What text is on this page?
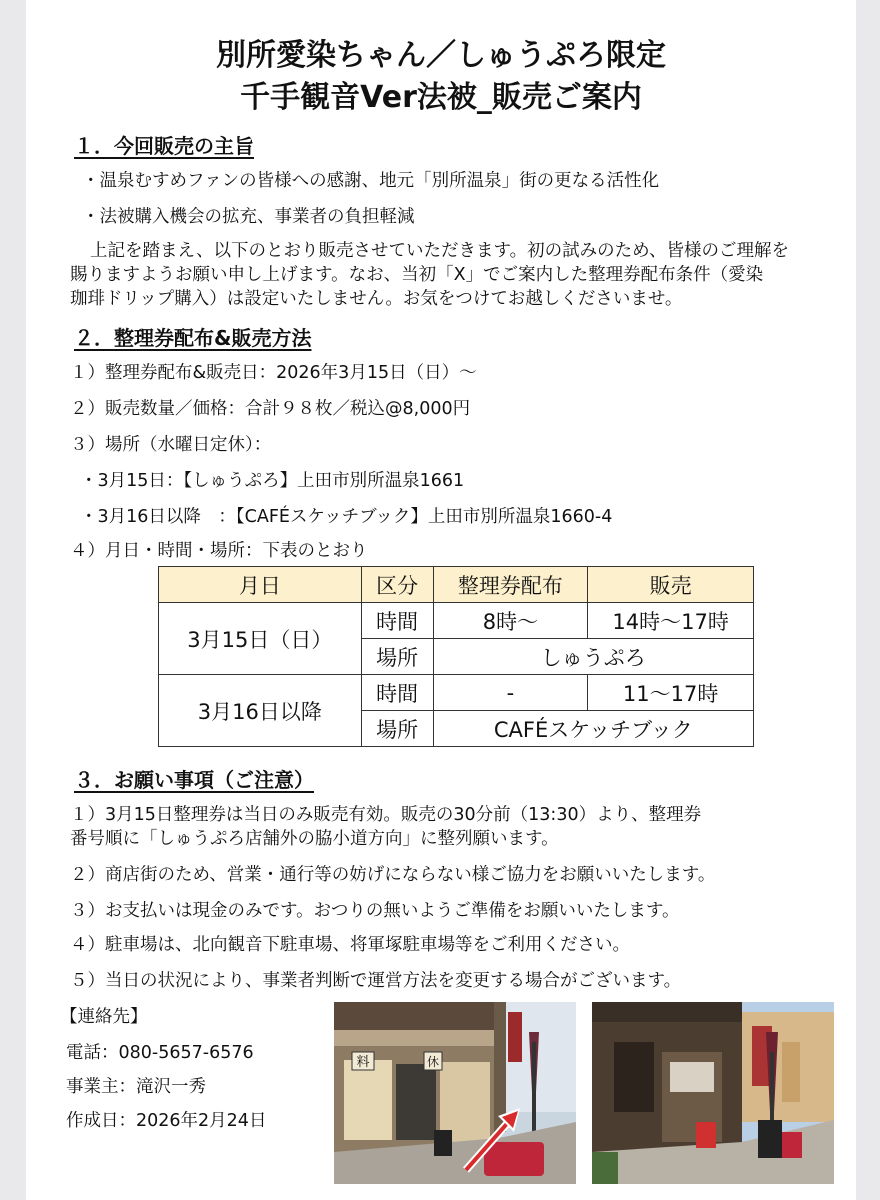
別所愛染ちゃん／しゅうぷろ限定
千手観音Ver法被_販売ご案内
１．今回販売の主旨
・温泉むすめファンの皆様への感謝、地元「別所温泉」街の更なる活性化
・法被購入機会の拡充、事業者の負担軽減
上記を踏まえ、以下のとおり販売させていただきます。初の試みのため、皆様のご理解を
賜りますようお願い申し上げます。なお、当初「X」でご案内した整理券配布条件（愛染
珈琲ドリップ購入）は設定いたしません。お気をつけてお越しくださいませ。
２．整理券配布&販売方法
１）整理券配布&販売日：2026年3月15日（日）～
２）販売数量／価格：合計９８枚／税込@8,000円
３）場所（水曜日定休）：
・3月15日：【しゅうぷろ】上田市別所温泉1661
・3月16日以降　：【CAFÉスケッチブック】上田市別所温泉1660-4
４）月日・時間・場所：下表のとおり
月日	区分	整理券配布	販売
3月15日（日）	時間	8時～	14時～17時
	場所	しゅうぷろ	
3月16日以降	時間	-	11～17時
	場所	CAFÉスケッチブック	
３．お願い事項（ご注意）
１）3月15日整理券は当日のみ販売有効。販売の30分前（13:30）より、整理券
番号順に「しゅうぷろ店舗外の脇小道方向」に整列願います。
２）商店街のため、営業・通行等の妨げにならない様ご協力をお願いいたします。
３）お支払いは現金のみです。おつりの無いようご準備をお願いいたします。
４）駐車場は、北向観音下駐車場、将軍塚駐車場等をご利用ください。
５）当日の状況により、事業者判断で運営方法を変更する場合がございます。
【連絡先】
電話：080-5657-6576
事業主：滝沢一秀
作成日：2026年2月24日
料	休
